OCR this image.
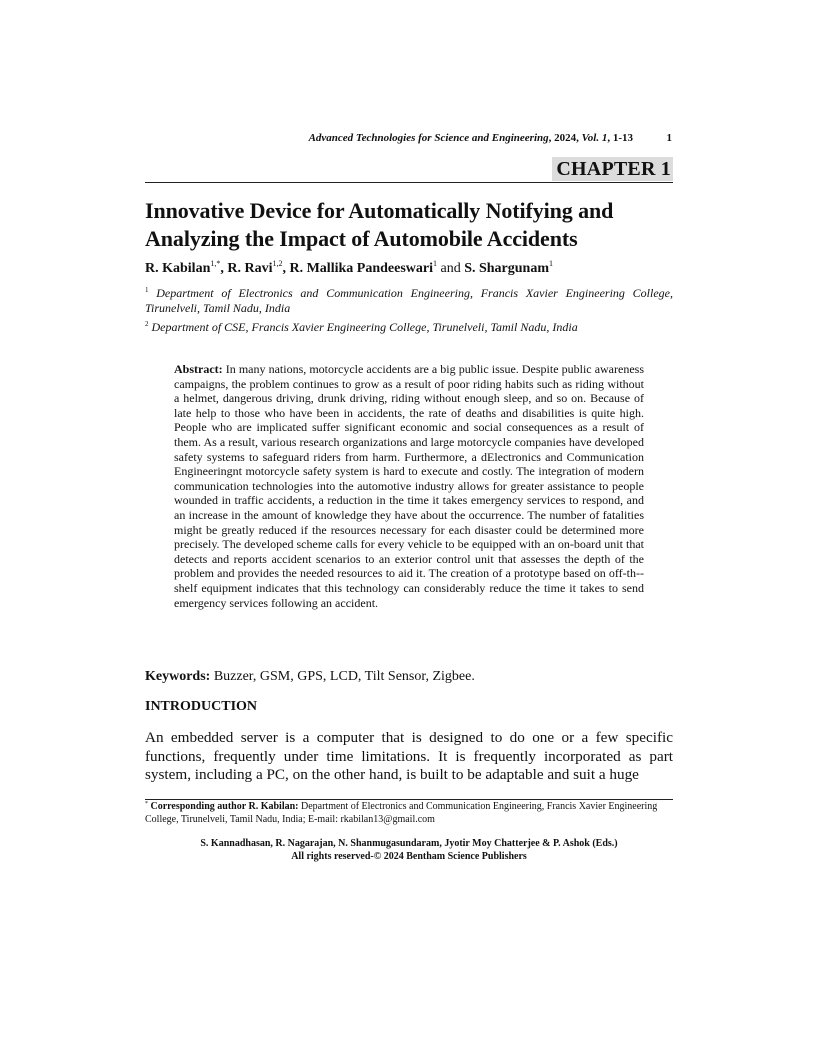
Advanced Technologies for Science and Engineering, 2024, Vol. 1, 1-13	1
CHAPTER 1
Innovative Device for Automatically Notifying and Analyzing the Impact of Automobile Accidents
R. Kabilan$^{1,*}$, R. Ravi$^{1,2}$, R. Mallika Pandeeswari$^1$ and S. Shargunam$^1$
$^1$ Department of Electronics and Communication Engineering, Francis Xavier Engineering College, Tirunelveli, Tamil Nadu, India
$^2$ Department of CSE, Francis Xavier Engineering College, Tirunelveli, Tamil Nadu, India
Abstract: In many nations, motorcycle accidents are a big public issue. Despite public awareness campaigns, the problem continues to grow as a result of poor riding habits such as riding without a helmet, dangerous driving, drunk driving, riding without enough sleep, and so on. Because of late help to those who have been in accidents, the rate of deaths and disabilities is quite high. People who are implicated suffer significant economic and social consequences as a result of them. As a result, various research organizations and large motorcycle companies have developed safety systems to safeguard riders from harm. Furthermore, a dElectronics and Communication Engineeringnt motorcycle safety system is hard to execute and costly. The integration of modern communication technologies into the automotive industry allows for greater assistance to people wounded in traffic accidents, a reduction in the time it takes emergency services to respond, and an increase in the amount of knowledge they have about the occurrence. The number of fatalities might be greatly reduced if the resources necessary for each disaster could be determined more precisely. The developed scheme calls for every vehicle to be equipped with an on-board unit that detects and reports accident scenarios to an exterior control unit that assesses the depth of the problem and provides the needed resources to aid it. The creation of a prototype based on off-th--shelf equipment indicates that this technology can considerably reduce the time it takes to send emergency services following an accident.
Keywords: Buzzer, GSM, GPS, LCD, Tilt Sensor, Zigbee.
INTRODUCTION
An embedded server is a computer that is designed to do one or a few specific functions, frequently under time limitations. It is frequently incorporated as part system, including a PC, on the other hand, is built to be adaptable and suit a huge
* Corresponding author R. Kabilan: Department of Electronics and Communication Engineering, Francis Xavier Engineering College, Tirunelveli, Tamil Nadu, India; E-mail: rkabilan13@gmail.com
S. Kannadhasan, R. Nagarajan, N. Shanmugasundaram, Jyotir Moy Chatterjee & P. Ashok (Eds.)
All rights reserved-© 2024 Bentham Science Publishers
